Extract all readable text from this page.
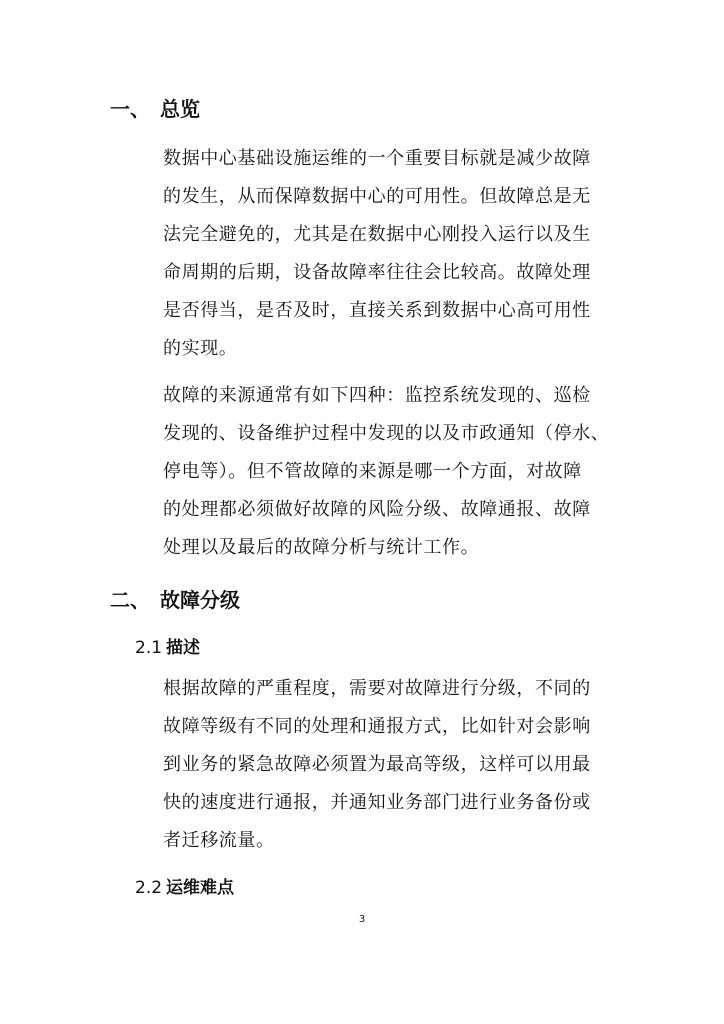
一、 总览
数据中心基础设施运维的一个重要目标就是减少故障
的发生，从而保障数据中心的可用性。但故障总是无
法完全避免的，尤其是在数据中心刚投入运行以及生
命周期的后期，设备故障率往往会比较高。故障处理
是否得当，是否及时，直接关系到数据中心高可用性
的实现。
故障的来源通常有如下四种：监控系统发现的、巡检
发现的、设备维护过程中发现的以及市政通知（停水、
停电等）。但不管故障的来源是哪一个方面，对故障
的处理都必须做好故障的风险分级、故障通报、故障
处理以及最后的故障分析与统计工作。
二、 故障分级
2.1 描述
根据故障的严重程度，需要对故障进行分级，不同的
故障等级有不同的处理和通报方式，比如针对会影响
到业务的紧急故障必须置为最高等级，这样可以用最
快的速度进行通报，并通知业务部门进行业务备份或
者迁移流量。
2.2 运维难点
3
